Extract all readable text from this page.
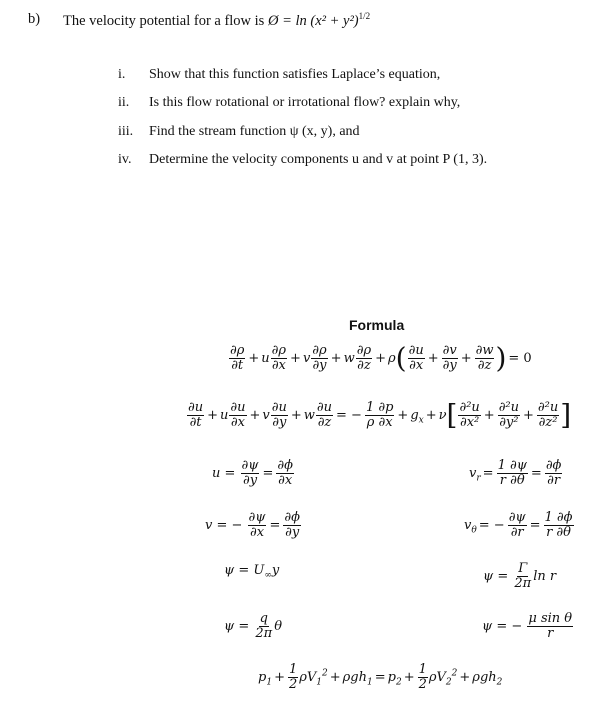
b) The velocity potential for a flow is Ø = $\ln (x^2 + y^2)^{1/2}$
i. Show that this function satisfies Laplace’s equation,
ii. Is this flow rotational or irrotational flow? explain why,
iii. Find the stream function ψ (x, y), and
iv. Determine the velocity components u and v at point P (1, 3).
Formula
$\frac{\partial\rho}{\partial t} + u \frac{\partial\rho}{\partial x} + v \frac{\partial\rho}{\partial y} + w \frac{\partial\rho}{\partial z} + \rho( \frac{\partial u}{\partial x} + \frac{\partial v}{\partial y} + \frac{\partial w}{\partial z}$ ) = 0
$\frac{\partial u}{\partial t} + u \frac{\partial u}{\partial x} + v \frac{\partial u}{\partial y} + w \frac{\partial u}{\partial z}$ = − $\frac{1 \partial p}{\rho \partial x} + g_x + \nu[ \frac{\text{∂²u}}{\text{∂x²}} + \frac{\text{∂²u}}{\text{∂y²}} + \frac{\text{∂²u}}{\text{∂z²}}$ ]
$u = \frac{\partial\psi}{\partial y} = \frac{\partial\phi}{\partial x}$	$v_r = \frac{1 \partial\psi}{r \partial\theta} = \frac{\partial\phi}{\partial r}$
v = − $\frac{\partial\psi}{\partial x} = \frac{\partial\phi}{\partial y}$	$v_\theta$ = − $\frac{\partial\psi}{\partial r} = \frac{1 \partial\phi}{r \partial\theta}$
$\psi = U_\infty y$	$\psi = \frac{\Gamma}{2\pi}$ ln r
$\psi = \frac{q}{2\pi}$ θ	ψ = − $\frac{\text{μ sin θ}}{r}$
$p_1 + \frac{1}{2} \rho V_1^2 + \rho gh_1 = p_2 + \frac{1}{2} \rho V_2^2 + \rho gh_2$
